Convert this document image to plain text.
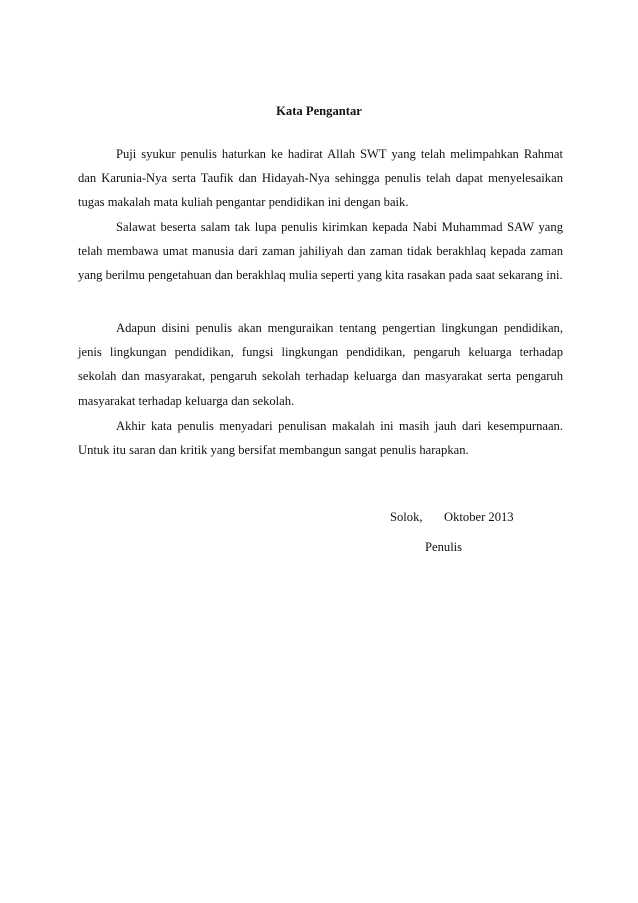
Kata Pengantar

Puji syukur penulis haturkan ke hadirat Allah SWT yang telah melimpahkan Rahmat dan Karunia-Nya serta Taufik dan Hidayah-Nya sehingga penulis telah dapat menyelesaikan tugas makalah mata kuliah pengantar pendidikan ini dengan baik.

Salawat beserta salam tak lupa penulis kirimkan kepada Nabi Muhammad SAW yang telah membawa umat manusia dari zaman jahiliyah dan zaman tidak berakhlaq kepada zaman yang berilmu pengetahuan dan berakhlaq mulia seperti yang kita rasakan pada saat sekarang ini.

Adapun disini penulis akan menguraikan tentang pengertian lingkungan pendidikan, jenis lingkungan pendidikan, fungsi lingkungan pendidikan, pengaruh keluarga terhadap sekolah dan masyarakat, pengaruh sekolah terhadap keluarga dan masyarakat serta pengaruh masyarakat terhadap keluarga dan sekolah.

Akhir kata penulis menyadari penulisan makalah ini masih jauh dari kesempurnaan. Untuk itu saran dan kritik yang bersifat membangun sangat penulis harapkan.

Solok, Oktober 2013
Penulis
